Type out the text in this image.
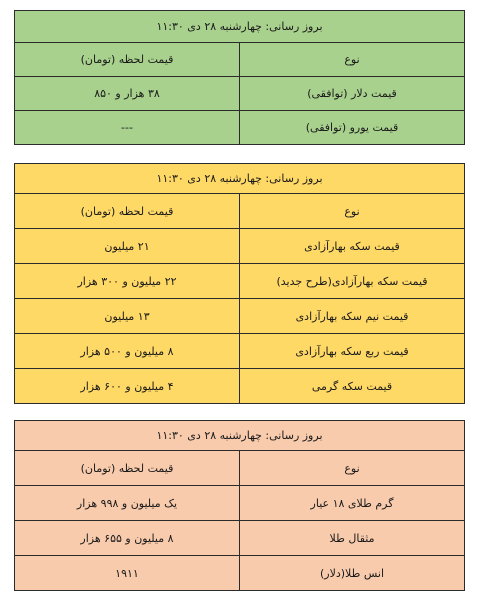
بروز رسانی: چهارشنبه ۲۸ دی ۱۱:۳۰	
قیمت لحظه (تومان)	نوع
۳۸ هزار و ۸۵۰	قیمت دلار (توافقی)
---	قیمت یورو (توافقی)
بروز رسانی: چهارشنبه ۲۸ دی ۱۱:۳۰	
قیمت لحظه (تومان)	نوع
۲۱ میلیون	قیمت سکه بهارآزادی
۲۲ میلیون و ۳۰۰ هزار	قیمت سکه بهارآزادی(طرح جدید)
۱۳ میلیون	قیمت نیم سکه بهارآزادی
۸ میلیون و ۵۰۰ هزار	قیمت ربع سکه بهارآزادی
۴ میلیون و ۶۰۰ هزار	قیمت سکه گرمی
بروز رسانی: چهارشنبه ۲۸ دی ۱۱:۳۰	
قیمت لحظه (تومان)	نوع
یک میلیون و ۹۹۸ هزار	گرم طلای ۱۸ عیار
۸ میلیون و ۶۵۵ هزار	مثقال طلا
۱۹۱۱	انس طلا(دلار)
